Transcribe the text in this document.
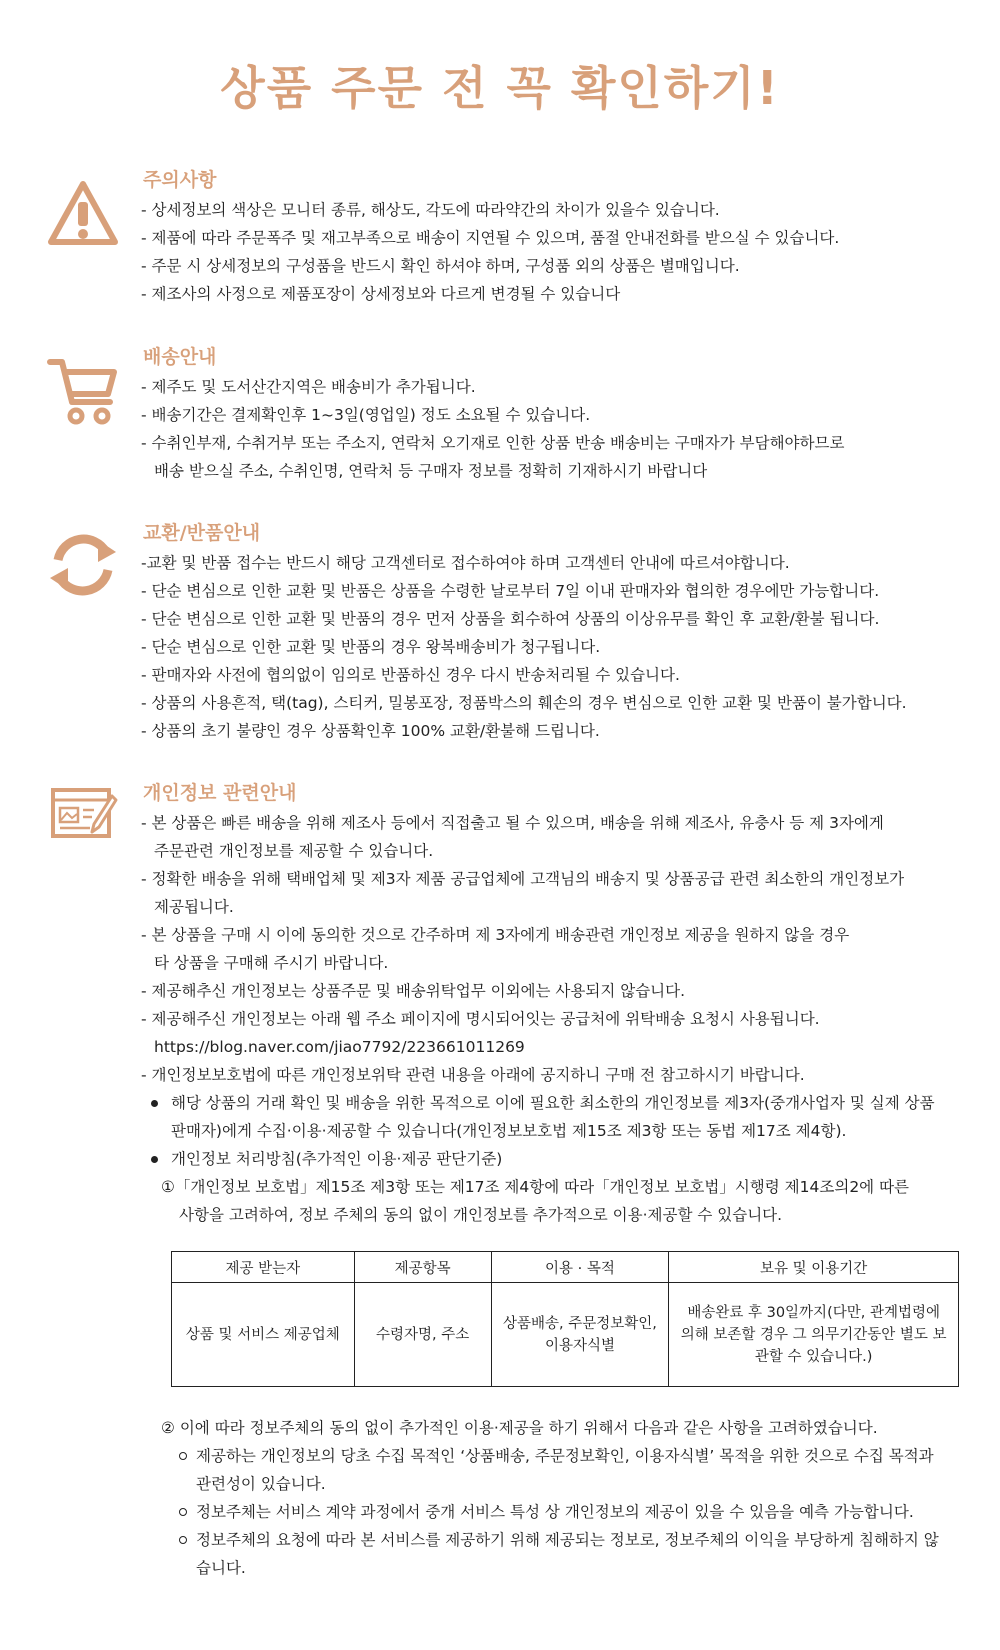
상품 주문 전 꼭 확인하기!
주의사항
- 상세정보의 색상은 모니터 종류, 해상도, 각도에 따라약간의 차이가 있을수 있습니다.
- 제품에 따라 주문폭주 및 재고부족으로 배송이 지연될 수 있으며, 품절 안내전화를 받으실 수 있습니다.
- 주문 시 상세정보의 구성품을 반드시 확인 하셔야 하며, 구성품 외의 상품은 별매입니다.
- 제조사의 사정으로 제품포장이 상세정보와 다르게 변경될 수 있습니다
배송안내
- 제주도 및 도서산간지역은 배송비가 추가됩니다.
- 배송기간은 결제확인후 1~3일(영업일) 정도 소요될 수 있습니다.
- 수취인부재, 수취거부 또는 주소지, 연락처 오기재로 인한 상품 반송 배송비는 구매자가 부담해야하므로
배송 받으실 주소, 수취인명, 연락처 등 구매자 정보를 정확히 기재하시기 바랍니다
교환/반품안내
-교환 및 반품 접수는 반드시 해당 고객센터로 접수하여야 하며 고객센터 안내에 따르셔야합니다.
- 단순 변심으로 인한 교환 및 반품은 상품을 수령한 날로부터 7일 이내 판매자와 협의한 경우에만 가능합니다.
- 단순 변심으로 인한 교환 및 반품의 경우 먼저 상품을 회수하여 상품의 이상유무를 확인 후 교환/환불 됩니다.
- 단순 변심으로 인한 교환 및 반품의 경우 왕복배송비가 청구됩니다.
- 판매자와 사전에 협의없이 임의로 반품하신 경우 다시 반송처리될 수 있습니다.
- 상품의 사용흔적, 택(tag), 스티커, 밀봉포장, 정품박스의 훼손의 경우 변심으로 인한 교환 및 반품이 불가합니다.
- 상품의 초기 불량인 경우 상품확인후 100% 교환/환불해 드립니다.
개인정보 관련안내
- 본 상품은 빠른 배송을 위해 제조사 등에서 직접출고 될 수 있으며, 배송을 위해 제조사, 유충사 등 제 3자에게
주문관련 개인정보를 제공할 수 있습니다.
- 정확한 배송을 위해 택배업체 및 제3자 제품 공급업체에 고객님의 배송지 및 상품공급 관련 최소한의 개인정보가
제공됩니다.
- 본 상품을 구매 시 이에 동의한 것으로 간주하며 제 3자에게 배송관련 개인정보 제공을 원하지 않을 경우
타 상품을 구매해 주시기 바랍니다.
- 제공해추신 개인정보는 상품주문 및 배송위탁업무 이외에는 사용되지 않습니다.
- 제공해주신 개인정보는 아래 웹 주소 페이지에 명시되어잇는 공급처에 위탁배송 요청시 사용됩니다.
https://blog.naver.com/jiao7792/223661011269
- 개인정보보호법에 따른 개인정보위탁 관련 내용을 아래에 공지하니 구매 전 참고하시기 바랍니다.
해당 상품의 거래 확인 및 배송을 위한 목적으로 이에 필요한 최소한의 개인정보를 제3자(중개사업자 및 실제 상품
판매자)에게 수집·이용·제공할 수 있습니다(개인정보보호법 제15조 제3항 또는 동법 제17조 제4항).
개인정보 처리방침(추가적인 이용·제공 판단기준)
①「개인정보 보호법」제15조 제3항 또는 제17조 제4항에 따라「개인정보 보호법」시행령 제14조의2에 따른
사항을 고려하여, 정보 주체의 동의 없이 개인정보를 추가적으로 이용·제공할 수 있습니다.
제공 받는자	제공항목	이용 · 목적	보유 및 이용기간
상품 및 서비스 제공업체	수령자명, 주소	상품배송, 주문정보확인, 이용자식별	배송완료 후 30일까지(다만, 관계법령에 의해 보존할 경우 그 의무기간동안 별도 보관할 수 있습니다.)
② 이에 따라 정보주체의 동의 없이 추가적인 이용·제공을 하기 위해서 다음과 같은 사항을 고려하였습니다.
제공하는 개인정보의 당초 수집 목적인 ‘상품배송, 주문정보확인, 이용자식별’ 목적을 위한 것으로 수집 목적과
관련성이 있습니다.
정보주체는 서비스 계약 과정에서 중개 서비스 특성 상 개인정보의 제공이 있을 수 있음을 예측 가능합니다.
정보주체의 요청에 따라 본 서비스를 제공하기 위해 제공되는 정보로, 정보주체의 이익을 부당하게 침해하지 않
습니다.
